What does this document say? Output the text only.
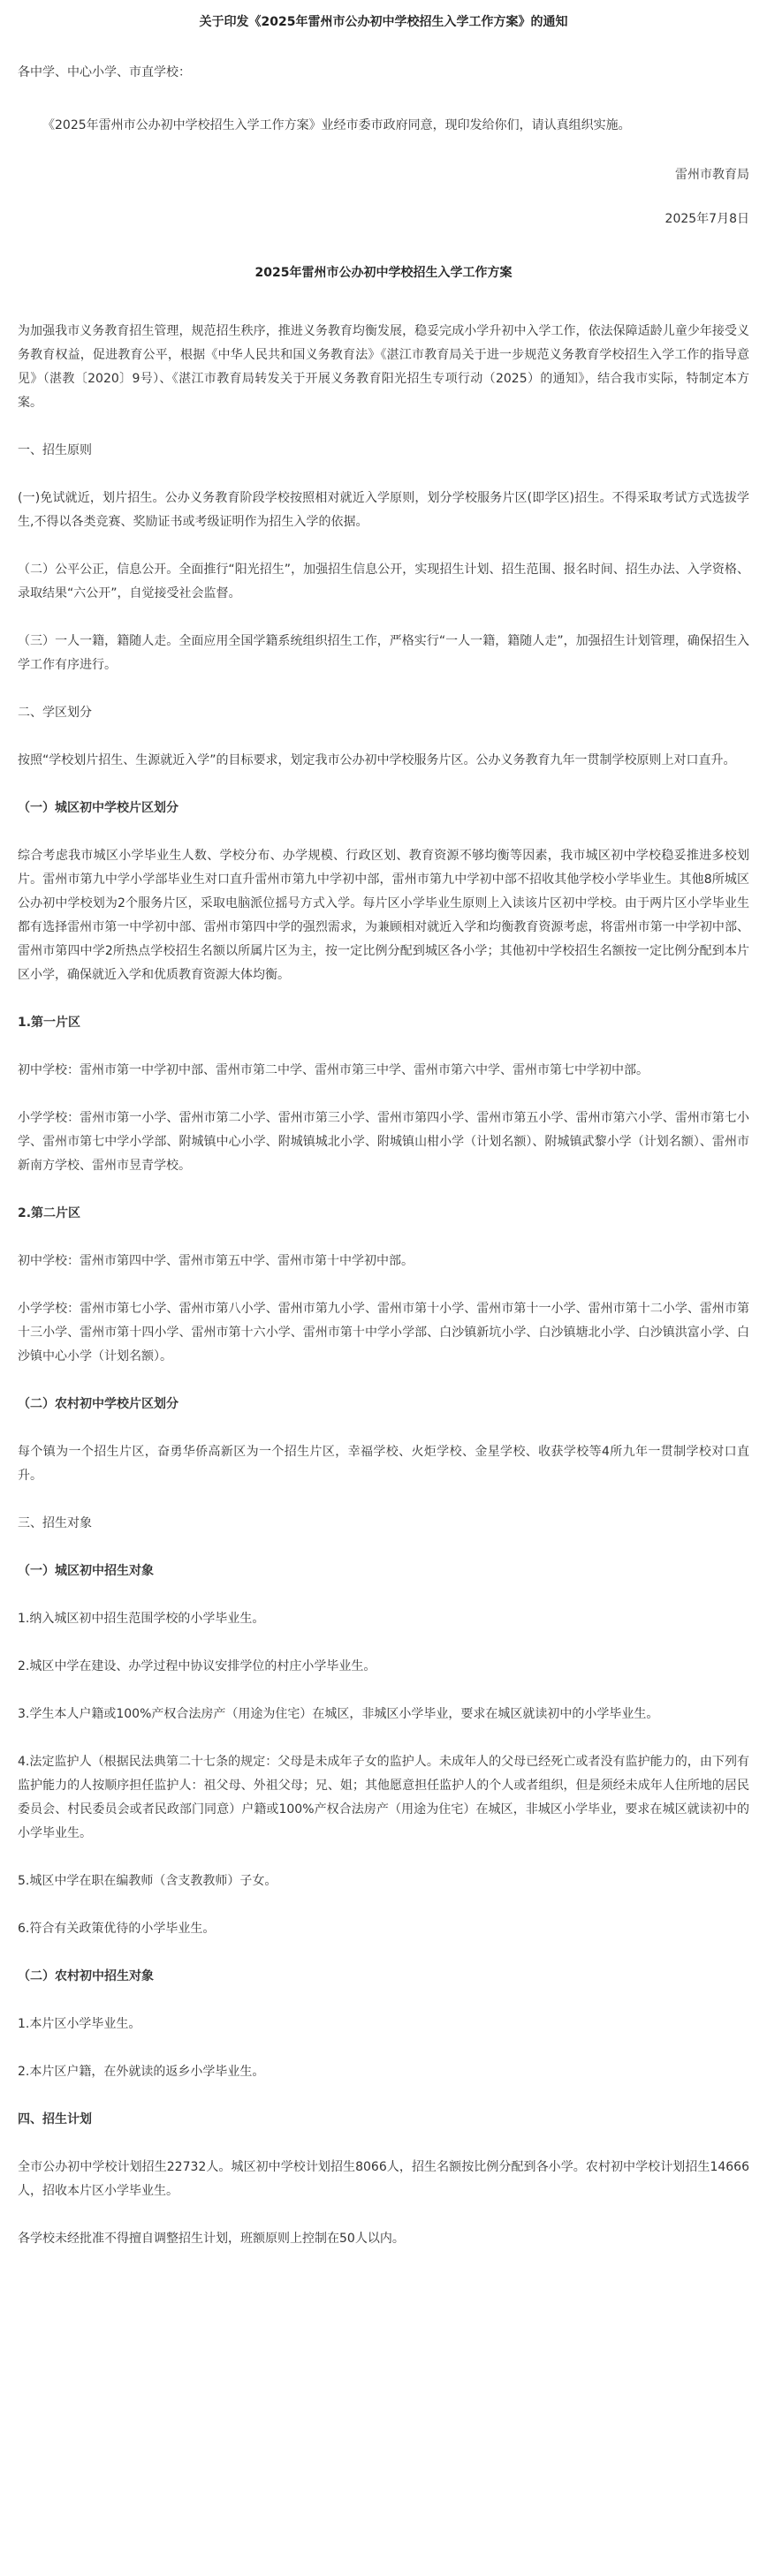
关于印发《2025年雷州市公办初中学校招生入学工作方案》的通知
各中学、中心小学、市直学校：
《2025年雷州市公办初中学校招生入学工作方案》业经市委市政府同意，现印发给你们，请认真组织实施。
雷州市教育局
2025年7月8日
2025年雷州市公办初中学校招生入学工作方案

为加强我市义务教育招生管理，规范招生秩序，推进义务教育均衡发展，稳妥完成小学升初中入学工作，依法保障适龄儿童少年接受义务教育权益，促进教育公平，根据《中华人民共和国义务教育法》《湛江市教育局关于进一步规范义务教育学校招生入学工作的指导意见》（湛教〔2020〕9号）、《湛江市教育局转发关于开展义务教育阳光招生专项行动（2025）的通知》，结合我市实际，特制定本方案。

一、招生原则

(一)免试就近，划片招生。公办义务教育阶段学校按照相对就近入学原则，划分学校服务片区(即学区)招生。不得采取考试方式选拔学生,不得以各类竞赛、奖励证书或考级证明作为招生入学的依据。

（二）公平公正，信息公开。全面推行“阳光招生”，加强招生信息公开，实现招生计划、招生范围、报名时间、招生办法、入学资格、录取结果“六公开”，自觉接受社会监督。

（三）一人一籍，籍随人走。全面应用全国学籍系统组织招生工作，严格实行“一人一籍，籍随人走”，加强招生计划管理，确保招生入学工作有序进行。

二、学区划分

按照“学校划片招生、生源就近入学”的目标要求，划定我市公办初中学校服务片区。公办义务教育九年一贯制学校原则上对口直升。

（一）城区初中学校片区划分

综合考虑我市城区小学毕业生人数、学校分布、办学规模、行政区划、教育资源不够均衡等因素，我市城区初中学校稳妥推进多校划片。雷州市第九中学小学部毕业生对口直升雷州市第九中学初中部，雷州市第九中学初中部不招收其他学校小学毕业生。其他8所城区公办初中学校划为2个服务片区，采取电脑派位摇号方式入学。每片区小学毕业生原则上入读该片区初中学校。由于两片区小学毕业生都有选择雷州市第一中学初中部、雷州市第四中学的强烈需求，为兼顾相对就近入学和均衡教育资源考虑，将雷州市第一中学初中部、雷州市第四中学2所热点学校招生名额以所属片区为主，按一定比例分配到城区各小学；其他初中学校招生名额按一定比例分配到本片区小学，确保就近入学和优质教育资源大体均衡。

1.第一片区

初中学校：雷州市第一中学初中部、雷州市第二中学、雷州市第三中学、雷州市第六中学、雷州市第七中学初中部。

小学学校：雷州市第一小学、雷州市第二小学、雷州市第三小学、雷州市第四小学、雷州市第五小学、雷州市第六小学、雷州市第七小学、雷州市第七中学小学部、附城镇中心小学、附城镇城北小学、附城镇山柑小学（计划名额）、附城镇武黎小学（计划名额）、雷州市新南方学校、雷州市昱青学校。

2.第二片区

初中学校：雷州市第四中学、雷州市第五中学、雷州市第十中学初中部。

小学学校：雷州市第七小学、雷州市第八小学、雷州市第九小学、雷州市第十小学、雷州市第十一小学、雷州市第十二小学、雷州市第十三小学、雷州市第十四小学、雷州市第十六小学、雷州市第十中学小学部、白沙镇新坑小学、白沙镇塘北小学、白沙镇洪富小学、白沙镇中心小学（计划名额）。

（二）农村初中学校片区划分

每个镇为一个招生片区，奋勇华侨高新区为一个招生片区，幸福学校、火炬学校、金星学校、收获学校等4所九年一贯制学校对口直升。

三、招生对象
（一）城区初中招生对象

1.纳入城区初中招生范围学校的小学毕业生。

2.城区中学在建设、办学过程中协议安排学位的村庄小学毕业生。

3.学生本人户籍或100%产权合法房产（用途为住宅）在城区，非城区小学毕业，要求在城区就读初中的小学毕业生。

4.法定监护人（根据民法典第二十七条的规定：父母是未成年子女的监护人。未成年人的父母已经死亡或者没有监护能力的，由下列有监护能力的人按顺序担任监护人：祖父母、外祖父母；兄、姐；其他愿意担任监护人的个人或者组织，但是须经未成年人住所地的居民委员会、村民委员会或者民政部门同意）户籍或100%产权合法房产（用途为住宅）在城区，非城区小学毕业，要求在城区就读初中的小学毕业生。

5.城区中学在职在编教师（含支教教师）子女。

6.符合有关政策优待的小学毕业生。

（二）农村初中招生对象

1.本片区小学毕业生。

2.本片区户籍，在外就读的返乡小学毕业生。

四、招生计划

全市公办初中学校计划招生22732人。城区初中学校计划招生8066人，招生名额按比例分配到各小学。农村初中学校计划招生14666人，招收本片区小学毕业生。

各学校未经批准不得擅自调整招生计划，班额原则上控制在50人以内。
